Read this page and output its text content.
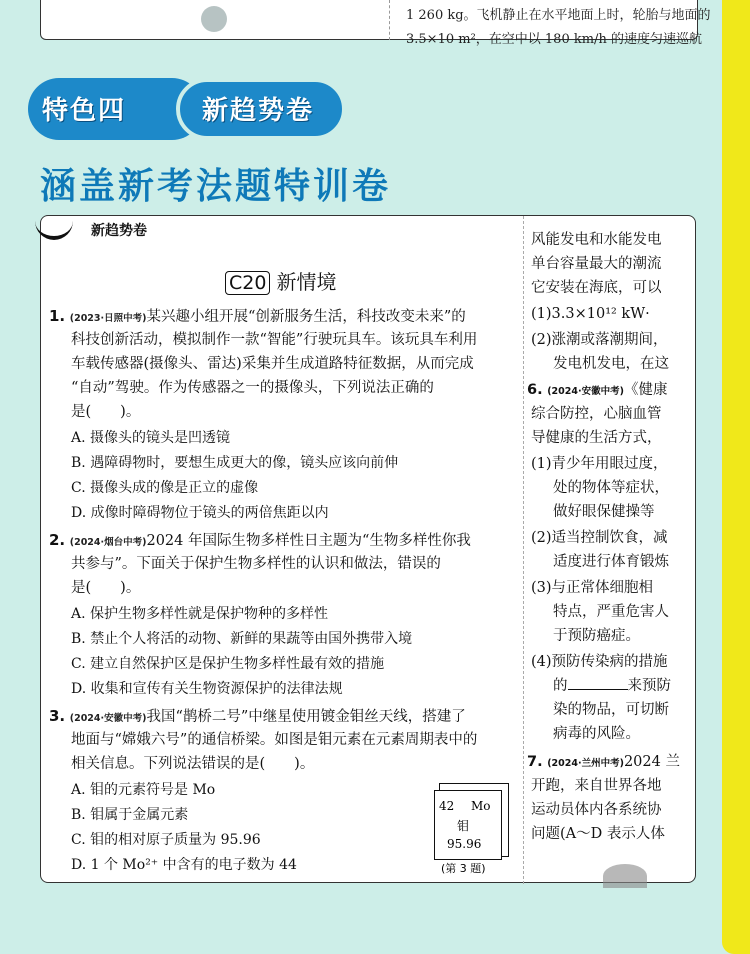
1 260 kg。飞机静止在水平地面上时，轮胎与地面的
3.5×10 m²，在空中以 180 km/h 的速度匀速巡航
特色四	新趋势卷
涵盖新考法题特训卷
新趋势卷
C20 新情境
1. (2023·日照中考)某兴趣小组开展“创新服务生活，科技改变未来”的
科技创新活动，模拟制作一款“智能”行驶玩具车。该玩具车利用
车载传感器(摄像头、雷达)采集并生成道路特征数据，从而完成
“自动”驾驶。作为传感器之一的摄像头，下列说法正确的
是(　　)。
A. 摄像头的镜头是凹透镜
B. 遇障碍物时，要想生成更大的像，镜头应该向前伸
C. 摄像头成的像是正立的虚像
D. 成像时障碍物位于镜头的两倍焦距以内
2. (2024·烟台中考)2024 年国际生物多样性日主题为“生物多样性你我
共参与”。下面关于保护生物多样性的认识和做法，错误的
是(　　)。
A. 保护生物多样性就是保护物种的多样性
B. 禁止个人将活的动物、新鲜的果蔬等由国外携带入境
C. 建立自然保护区是保护生物多样性最有效的措施
D. 收集和宣传有关生物资源保护的法律法规
3. (2024·安徽中考)我国“鹊桥二号”中继星使用镀金钼丝天线，搭建了
地面与“嫦娥六号”的通信桥梁。如图是钼元素在元素周期表中的
相关信息。下列说法错误的是(　　)。
A. 钼的元素符号是 Mo
B. 钼属于金属元素
C. 钼的相对原子质量为 95.96
D. 1 个 Mo²⁺ 中含有的电子数为 44
42 Mo
钼
95.96
(第 3 题)
风能发电和水能发电
单台容量最大的潮流
它安装在海底，可以
(1)3.3×10¹² kW·
(2)涨潮或落潮期间，
发电机发电，在这
6. (2024·安徽中考)《健康
综合防控，心脑血管
导健康的生活方式，
(1)青少年用眼过度，
处的物体等症状，
做好眼保健操等
(2)适当控制饮食，减
适度进行体育锻炼
(3)与正常体细胞相
特点，严重危害人
于预防癌症。
(4)预防传染病的措施
的	来预防
染的物品，可切断
病毒的风险。
7. (2024·兰州中考)2024 兰
开跑，来自世界各地
运动员体内各系统协
问题(A～D 表示人体
